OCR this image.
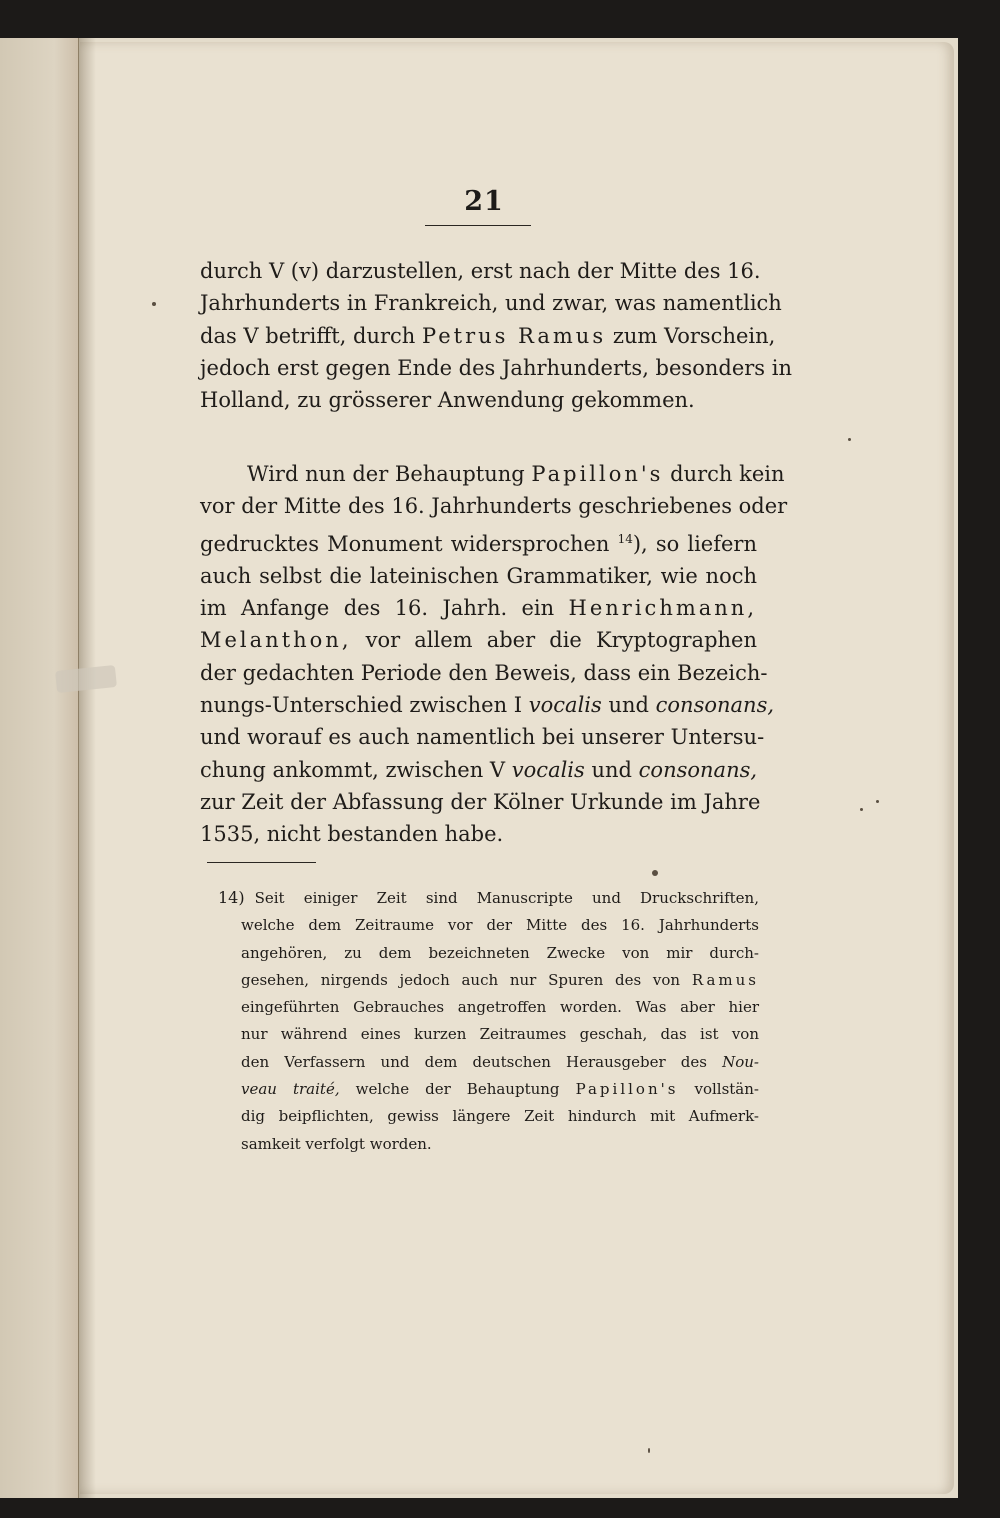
21
durch V (v) darzustellen, erst nach der Mitte des 16.
Jahrhunderts in Frankreich, und zwar, was namentlich
das V betrifft, durch Petrus Ramus zum Vorschein,
jedoch erst gegen Ende des Jahrhunderts, besonders in
Holland, zu grösserer Anwendung gekommen.
Wird nun der Behauptung Papillon's durch kein
vor der Mitte des 16. Jahrhunderts geschriebenes oder
gedrucktes Monument widersprochen $^{14}$), so liefern
auch selbst die lateinischen Grammatiker, wie noch
im Anfange des 16. Jahrh. ein Henrichmann,
Melanthon, vor allem aber die Kryptographen
der gedachten Periode den Beweis, dass ein Bezeich-
nungs-Unterschied zwischen I vocalis und consonans,
und worauf es auch namentlich bei unserer Untersu-
chung ankommt, zwischen V vocalis und consonans,
zur Zeit der Abfassung der Kölner Urkunde im Jahre
1535, nicht bestanden habe.
14) Seit einiger Zeit sind Manuscripte und Druckschriften,
welche dem Zeitraume vor der Mitte des 16. Jahrhunderts
angehören, zu dem bezeichneten Zwecke von mir durch-
gesehen, nirgends jedoch auch nur Spuren des von Ramus
eingeführten Gebrauches angetroffen worden. Was aber hier
nur während eines kurzen Zeitraumes geschah, das ist von
den Verfassern und dem deutschen Herausgeber des Nou-
veau traité, welche der Behauptung Papillon's vollstän-
dig beipflichten, gewiss längere Zeit hindurch mit Aufmerk-
samkeit verfolgt worden.
